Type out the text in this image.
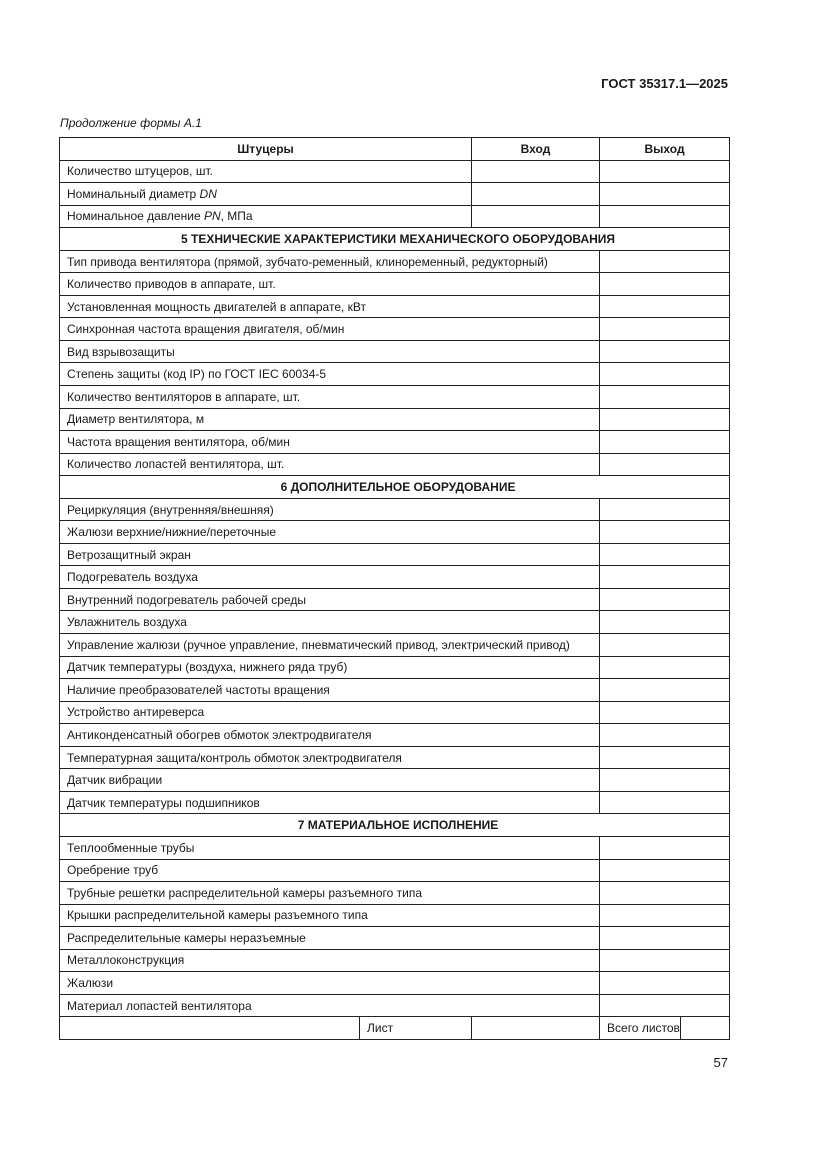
ГОСТ 35317.1—2025
Продолжение формы А.1
Штуцеры		Вход	Выход	
Количество штуцеров, шт.				
Номинальный диаметр DN				
Номинальное давление PN, МПа				
5 ТЕХНИЧЕСКИЕ ХАРАКТЕРИСТИКИ МЕХАНИЧЕСКОГО ОБОРУДОВАНИЯ				
Тип привода вентилятора (прямой, зубчато-ременный, клиноременный, редукторный)				
Количество приводов в аппарате, шт.				
Установленная мощность двигателей в аппарате, кВт				
Синхронная частота вращения двигателя, об/мин				
Вид взрывозащиты				
Степень защиты (код IP) по ГОСТ IEC 60034-5				
Количество вентиляторов в аппарате, шт.				
Диаметр вентилятора, м				
Частота вращения вентилятора, об/мин				
Количество лопастей вентилятора, шт.				
6 ДОПОЛНИТЕЛЬНОЕ ОБОРУДОВАНИЕ				
Рециркуляция (внутренняя/внешняя)				
Жалюзи верхние/нижние/переточные				
Ветрозащитный экран				
Подогреватель воздуха				
Внутренний подогреватель рабочей среды				
Увлажнитель воздуха				
Управление жалюзи (ручное управление, пневматический привод, электрический привод)				
Датчик температуры (воздуха, нижнего ряда труб)				
Наличие преобразователей частоты вращения				
Устройство антиреверса				
Антиконденсатный обогрев обмоток электродвигателя				
Температурная защита/контроль обмоток электродвигателя				
Датчик вибрации				
Датчик температуры подшипников				
7 МАТЕРИАЛЬНОЕ ИСПОЛНЕНИЕ				
Теплообменные трубы				
Оребрение труб				
Трубные решетки распределительной камеры разъемного типа				
Крышки распределительной камеры разъемного типа				
Распределительные камеры неразъемные				
Металлоконструкция				
Жалюзи				
Материал лопастей вентилятора				
	Лист		Всего листов	
57
